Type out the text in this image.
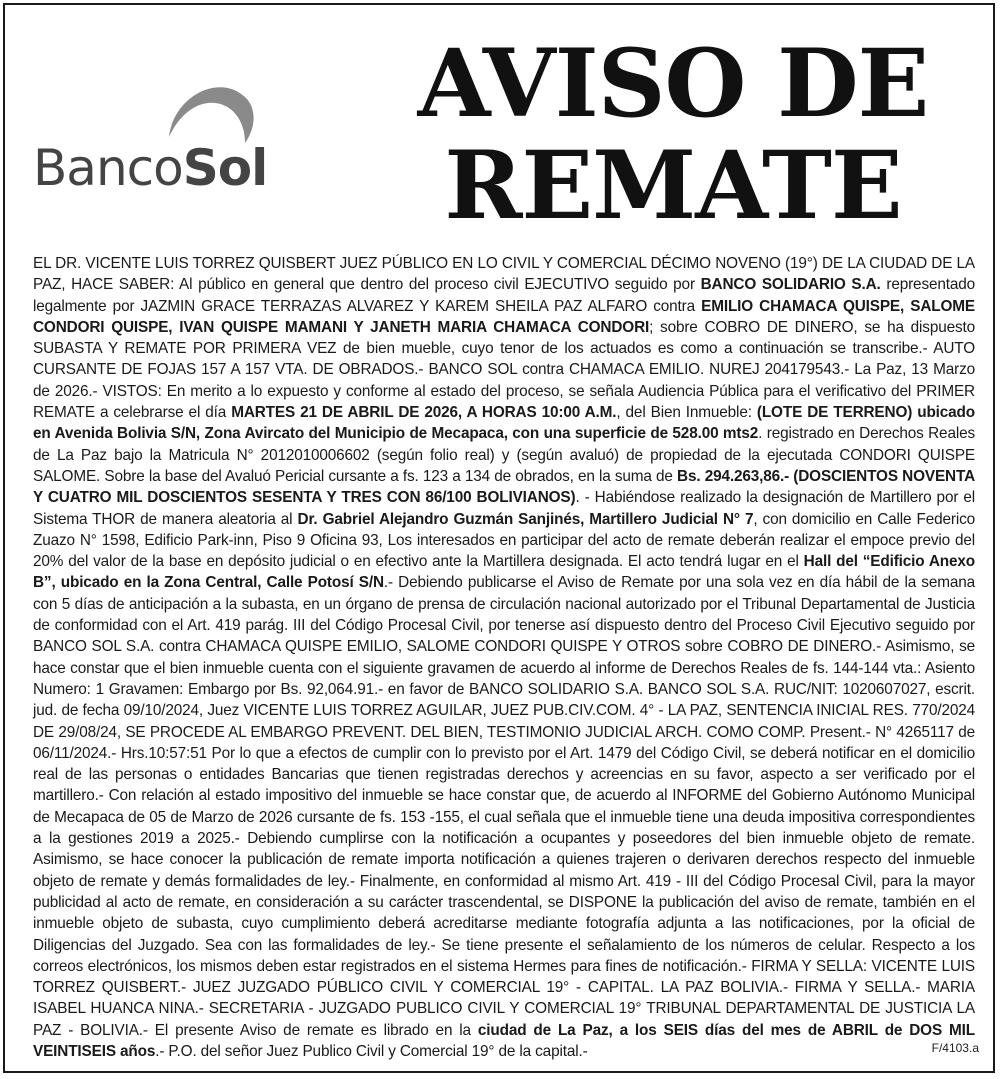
BancoSol
AVISO DE
REMATE
EL DR. VICENTE LUIS TORREZ QUISBERT JUEZ PÚBLICO EN LO CIVIL Y COMERCIAL DÉCIMO NOVENO (19°) DE LA CIUDAD DE LA PAZ, HACE SABER: Al público en general que dentro del proceso civil EJECUTIVO seguido por BANCO SOLIDARIO S.A. representado legalmente por JAZMIN GRACE TERRAZAS ALVAREZ Y KAREM SHEILA PAZ ALFARO contra EMILIO CHAMACA QUISPE, SALOME CONDORI QUISPE, IVAN QUISPE MAMANI Y JANETH MARIA CHAMACA CONDORI; sobre COBRO DE DINERO, se ha dispuesto SUBASTA Y REMATE POR PRIMERA VEZ de bien mueble, cuyo tenor de los actuados es como a continuación se transcribe.- AUTO CURSANTE DE FOJAS 157 A 157 VTA. DE OBRADOS.- BANCO SOL contra CHAMACA EMILIO. NUREJ 204179543.- La Paz, 13 Marzo de 2026.- VISTOS: En merito a lo expuesto y conforme al estado del proceso, se señala Audiencia Pública para el verificativo del PRIMER REMATE a celebrarse el día MARTES 21 DE ABRIL DE 2026, A HORAS 10:00 A.M., del Bien Inmueble: (LOTE DE TERRENO) ubicado en Avenida Bolivia S/N, Zona Avircato del Municipio de Mecapaca, con una superficie de 528.00 mts2. registrado en Derechos Reales de La Paz bajo la Matricula N° 2012010006602 (según folio real) y (según avaluó) de propiedad de la ejecutada CONDORI QUISPE SALOME. Sobre la base del Avaluó Pericial cursante a fs. 123 a 134 de obrados, en la suma de Bs. 294.263,86.- (DOSCIENTOS NOVENTA Y CUATRO MIL DOSCIENTOS SESENTA Y TRES CON 86/100 BOLIVIANOS). - Habiéndose realizado la designación de Martillero por el Sistema THOR de manera aleatoria al Dr. Gabriel Alejandro Guzmán Sanjinés, Martillero Judicial N° 7, con domicilio en Calle Federico Zuazo N° 1598, Edificio Park-inn, Piso 9 Oficina 93, Los interesados en participar del acto de remate deberán realizar el empoce previo del 20% del valor de la base en depósito judicial o en efectivo ante la Martillera designada. El acto tendrá lugar en el Hall del “Edificio Anexo B”, ubicado en la Zona Central, Calle Potosí S/N.- Debiendo publicarse el Aviso de Remate por una sola vez en día hábil de la semana con 5 días de anticipación a la subasta, en un órgano de prensa de circulación nacional autorizado por el Tribunal Departamental de Justicia de conformidad con el Art. 419 parág. III del Código Procesal Civil, por tenerse así dispuesto dentro del Proceso Civil Ejecutivo seguido por BANCO SOL S.A. contra CHAMACA QUISPE EMILIO, SALOME CONDORI QUISPE Y OTROS sobre COBRO DE DINERO.- Asimismo, se hace constar que el bien inmueble cuenta con el siguiente gravamen de acuerdo al informe de Derechos Reales de fs. 144-144 vta.: Asiento Numero: 1 Gravamen: Embargo por Bs. 92,064.91.- en favor de BANCO SOLIDARIO S.A. BANCO SOL S.A. RUC/NIT: 1020607027, escrit. jud. de fecha 09/10/2024, Juez VICENTE LUIS TORREZ AGUILAR, JUEZ PUB.CIV.COM. 4° - LA PAZ, SENTENCIA INICIAL RES. 770/2024 DE 29/08/24, SE PROCEDE AL EMBARGO PREVENT. DEL BIEN, TESTIMONIO JUDICIAL ARCH. COMO COMP. Present.- N° 4265117 de 06/11/2024.- Hrs.10:57:51 Por lo que a efectos de cumplir con lo previsto por el Art. 1479 del Código Civil, se deberá notificar en el domicilio real de las personas o entidades Bancarias que tienen registradas derechos y acreencias en su favor, aspecto a ser verificado por el martillero.- Con relación al estado impositivo del inmueble se hace constar que, de acuerdo al INFORME del Gobierno Autónomo Municipal de Mecapaca de 05 de Marzo de 2026 cursante de fs. 153 -155, el cual señala que el inmueble tiene una deuda impositiva correspondientes a la gestiones 2019 a 2025.- Debiendo cumplirse con la notificación a ocupantes y poseedores del bien inmueble objeto de remate. Asimismo, se hace conocer la publicación de remate importa notificación a quienes trajeren o derivaren derechos respecto del inmueble objeto de remate y demás formalidades de ley.- Finalmente, en conformidad al mismo Art. 419 - III del Código Procesal Civil, para la mayor publicidad al acto de remate, en consideración a su carácter trascendental, se DISPONE la publicación del aviso de remate, también en el inmueble objeto de subasta, cuyo cumplimiento deberá acreditarse mediante fotografía adjunta a las notificaciones, por la oficial de Diligencias del Juzgado. Sea con las formalidades de ley.- Se tiene presente el señalamiento de los números de celular. Respecto a los correos electrónicos, los mismos deben estar registrados en el sistema Hermes para fines de notificación.- FIRMA Y SELLA: VICENTE LUIS TORREZ QUISBERT.- JUEZ JUZGADO PÚBLICO CIVIL Y COMERCIAL 19° - CAPITAL. LA PAZ BOLIVIA.- FIRMA Y SELLA.- MARIA ISABEL HUANCA NINA.- SECRETARIA - JUZGADO PUBLICO CIVIL Y COMERCIAL 19° TRIBUNAL DEPARTAMENTAL DE JUSTICIA LA PAZ - BOLIVIA.- El presente Aviso de remate es librado en la ciudad de La Paz, a los SEIS días del mes de ABRIL de DOS MIL VEINTISEIS años.- P.O. del señor Juez Publico Civil y Comercial 19° de la capital.-	F/4103.a
